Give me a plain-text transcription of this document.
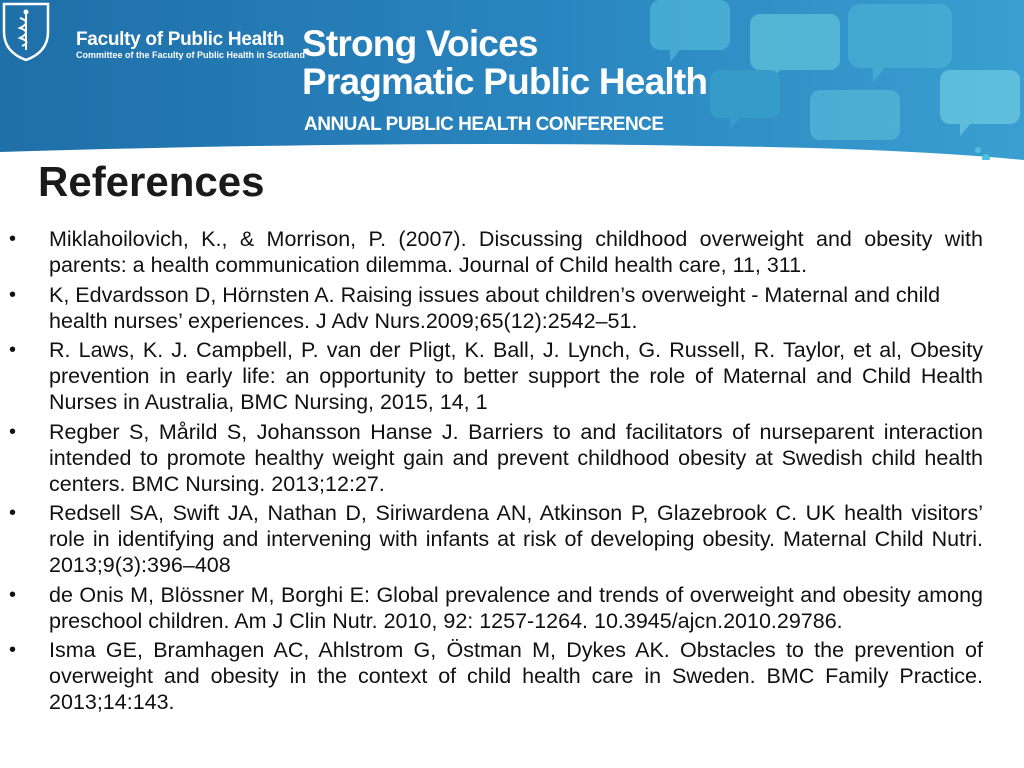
Faculty of Public Health
Committee of the Faculty of Public Health in Scotland
Strong Voices
Pragmatic Public Health
ANNUAL PUBLIC HEALTH CONFERENCE
References
• Miklahoilovich, K., & Morrison, P. (2007). Discussing childhood overweight and obesity with parents: a health communication dilemma. Journal of Child health care, 11, 311.
• K, Edvardsson D, Hörnsten A. Raising issues about children’s overweight - Maternal and child health nurses’ experiences. J Adv Nurs.2009;65(12):2542–51.
• R. Laws, K. J. Campbell, P. van der Pligt, K. Ball, J. Lynch, G. Russell, R. Taylor, et al, Obesity prevention in early life: an opportunity to better support the role of Maternal and Child Health Nurses in Australia, BMC Nursing, 2015, 14, 1
• Regber S, Mårild S, Johansson Hanse J. Barriers to and facilitators of nurseparent interaction intended to promote healthy weight gain and prevent childhood obesity at Swedish child health centers. BMC Nursing. 2013;12:27.
• Redsell SA, Swift JA, Nathan D, Siriwardena AN, Atkinson P, Glazebrook C. UK health visitors’ role in identifying and intervening with infants at risk of developing obesity. Maternal Child Nutri. 2013;9(3):396–408
• de Onis M, Blössner M, Borghi E: Global prevalence and trends of overweight and obesity among preschool children. Am J Clin Nutr. 2010, 92: 1257-1264. 10.3945/ajcn.2010.29786.
• Isma GE, Bramhagen AC, Ahlstrom G, Östman M, Dykes AK. Obstacles to the prevention of overweight and obesity in the context of child health care in Sweden. BMC Family Practice. 2013;14:143.
